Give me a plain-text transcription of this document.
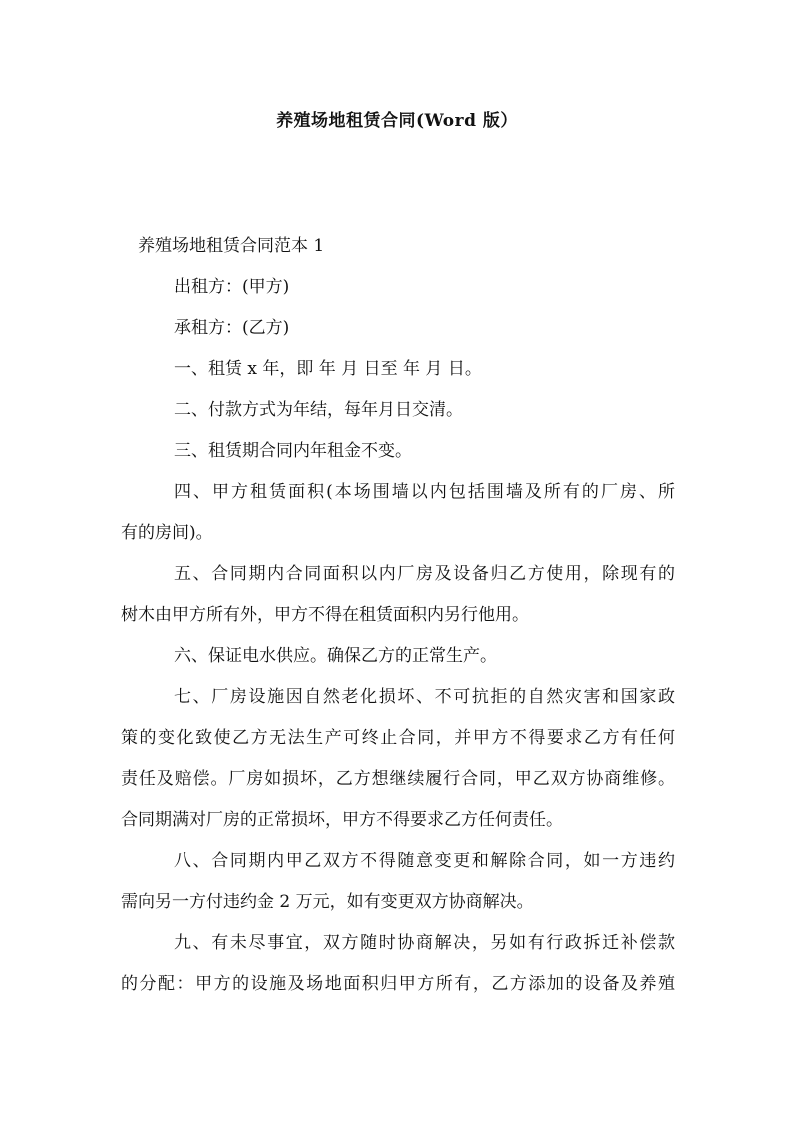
养殖场地租赁合同(Word 版）

养殖场地租赁合同范本 1

出租方：(甲方)

承租方：(乙方)

一、租赁 x 年，即 年 月 日至 年 月 日。

二、付款方式为年结，每年月日交清。

三、租赁期合同内年租金不变。

四、甲方租赁面积(本场围墙以内包括围墙及所有的厂房、所

有的房间)。

五、合同期内合同面积以内厂房及设备归乙方使用，除现有的

树木由甲方所有外，甲方不得在租赁面积内另行他用。

六、保证电水供应。确保乙方的正常生产。

七、厂房设施因自然老化损坏、不可抗拒的自然灾害和国家政

策的变化致使乙方无法生产可终止合同，并甲方不得要求乙方有任何

责任及赔偿。厂房如损坏，乙方想继续履行合同，甲乙双方协商维修。

合同期满对厂房的正常损坏，甲方不得要求乙方任何责任。

八、合同期内甲乙双方不得随意变更和解除合同，如一方违约

需向另一方付违约金 2 万元，如有变更双方协商解决。

九、有未尽事宜，双方随时协商解决，另如有行政拆迁补偿款

的分配：甲方的设施及场地面积归甲方所有，乙方添加的设备及养殖
